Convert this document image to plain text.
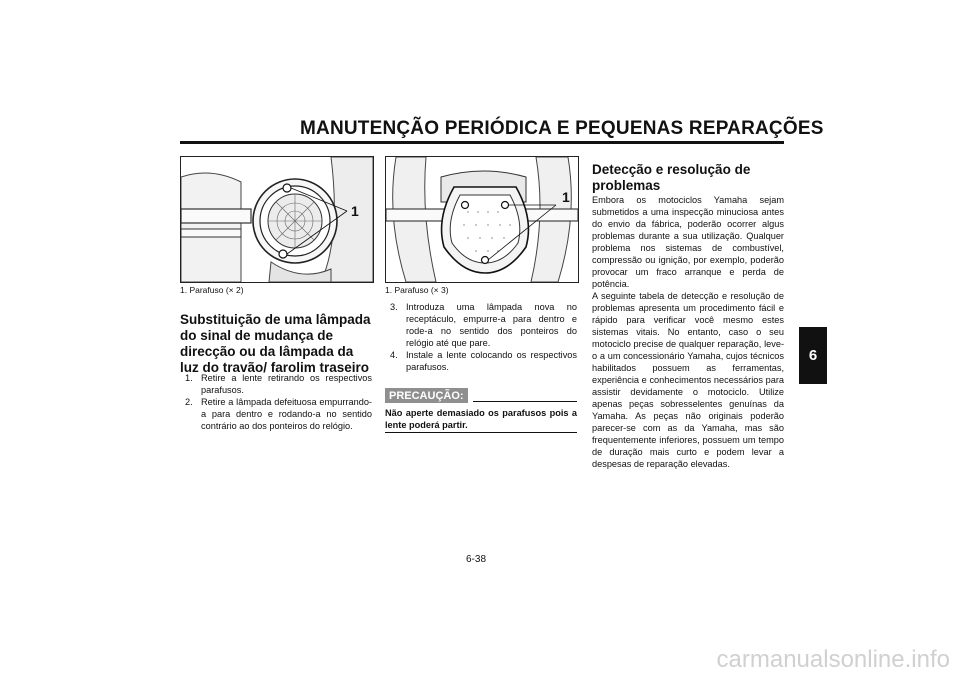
MANUTENÇÃO PERIÓDICA E PEQUENAS REPARAÇÕES
6
1
1. Parafuso (× 2)
1
1. Parafuso (× 3)
Substituição de uma lâmpada do sinal de mudança de direcção ou da lâmpada da luz do travão/ farolim traseiro
1. Retire a lente retirando os respectivos parafusos.
2. Retire a lâmpada defeituosa empurrando-a para dentro e rodando-a no sentido contrário ao dos ponteiros do relógio.
3. Introduza uma lâmpada nova no receptáculo, empurre-a para dentro e rode-a no sentido dos ponteiros do relógio até que pare.
4. Instale a lente colocando os respectivos parafusos.
PRECAUÇÃO:
Não aperte demasiado os parafusos pois a lente poderá partir.
Detecção e resolução de problemas
Embora os motociclos Yamaha sejam submetidos a uma inspecção minuciosa antes do envio da fábrica, poderão ocorrer algus problemas durante a sua utilização. Qualquer problema nos sistemas de combustível, compressão ou ignição, por exemplo, poderão provocar um fraco arranque e perda de potência.
A seguinte tabela de detecção e resolução de problemas apresenta um procedimento fácil e rápido para verificar você mesmo estes sistemas vitais. No entanto, caso o seu motociclo precise de qualquer reparação, leve-o a um concessionário Yamaha, cujos técnicos habilitados possuem as ferramentas, experiência e conhecimentos necessários para assistir devidamente o motociclo. Utilize apenas peças sobresselentes genuínas da Yamaha. As peças não originais poderão parecer-se com as da Yamaha, mas são frequentemente inferiores, possuem um tempo de duração mais curto e podem levar a despesas de reparação elevadas.
6-38
carmanualsonline.info
